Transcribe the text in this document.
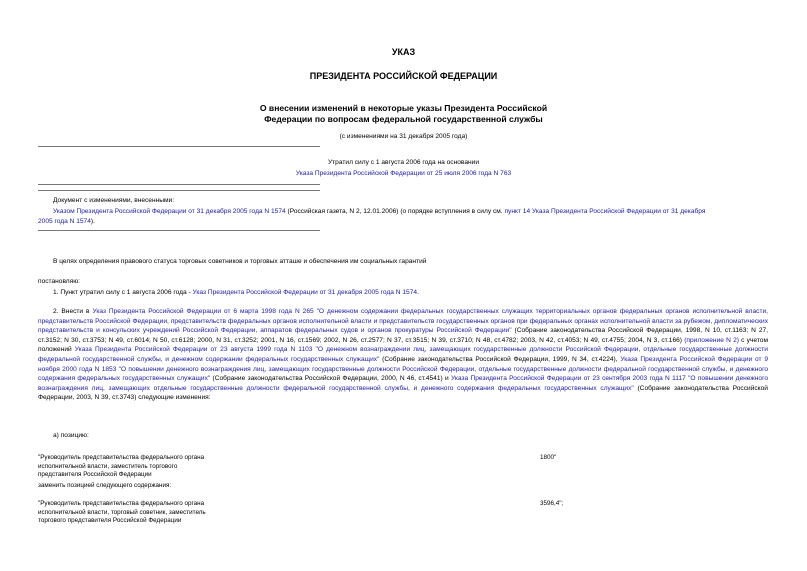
УКАЗ
ПРЕЗИДЕНТА РОССИЙСКОЙ ФЕДЕРАЦИИ
О внесении изменений в некоторые указы Президента Российской
Федерации по вопросам федеральной государственной службы
(с изменениями на 31 декабря 2005 года)
Утратил силу с 1 августа 2006 года на основании
Указа Президента Российской Федерации от 25 июля 2006 года N 763
Документ с изменениями, внесенными:
Указом Президента Российской Федерации от 31 декабря 2005 года N 1574 (Российская газета, N 2, 12.01.2006) (о порядке вступления в силу см. пункт 14 Указа Президента Российской Федерации от 31 декабря
2005 года N 1574).
В целях определения правового статуса торговых советников и торговых атташе и обеспечения им социальных гарантий
постановляю:
1. Пункт утратил силу с 1 августа 2006 года - Указ Президента Российской Федерации от 31 декабря 2005 года N 1574.
2. Внести в Указ Президента Российской Федерации от 6 марта 1998 года N 265 "О денежном содержании федеральных государственных служащих территориальных органов федеральных органов исполнительной власти, представительств Российской Федерации, представительств федеральных органов исполнительной власти и представительств государственных органов при федеральных органах исполнительной власти за рубежом, дипломатических представительств и консульских учреждений Российской Федерации, аппаратов федеральных судов и органов прокуратуры Российской Федерации" (Собрание законодательства Российской Федерации, 1998, N 10, ст.1163; N 27, ст.3152; N 30, ст.3753; N 49, ст.6014; N 50, ст.6128; 2000, N 31, ст.3252; 2001, N 16, ст.1569; 2002, N 26, ст.2577; N 37, ст.3515; N 39, ст.3710; N 48, ст.4782; 2003, N 42, ст.4053; N 49, ст.4755; 2004, N 3, ст.166) (приложение N 2) с учетом положений Указа Президента Российской Федерации от 23 августа 1999 года N 1103 "О денежном вознаграждении лиц, замещающих государственные должности Российской Федерации, отдельные государственные должности федеральной государственной службы, и денежном содержании федеральных государственных служащих" (Собрание законодательства Российской Федерации, 1999, N 34, ст.4224), Указа Президента Российской Федерации от 9 ноября 2000 года N 1853 "О повышении денежного вознаграждения лиц, замещающих государственные должности Российской Федерации, отдельные государственные должности федеральной государственной службы, и денежного содержания федеральных государственных служащих" (Собрание законодательства Российской Федерации, 2000, N 46, ст.4541) и Указа Президента Российской Федерации от 23 сентября 2003 года N 1117 "О повышении денежного вознаграждения лиц, замещающих отдельные государственные должности федеральной государственной службы, и денежного содержания федеральных государственных служащих" (Собрание законодательства Российской Федерации, 2003, N 39, ст.3743) следующие изменения:
а) позицию:
"Руководитель представительства федерального органа исполнительной власти, заместитель торгового представителя Российской Федерации
1800"
заменить позицией следующего содержания:
"Руководитель представительства федерального органа исполнительной власти, торговый советник, заместитель торгового представителя Российской Федерации
3596,4";
